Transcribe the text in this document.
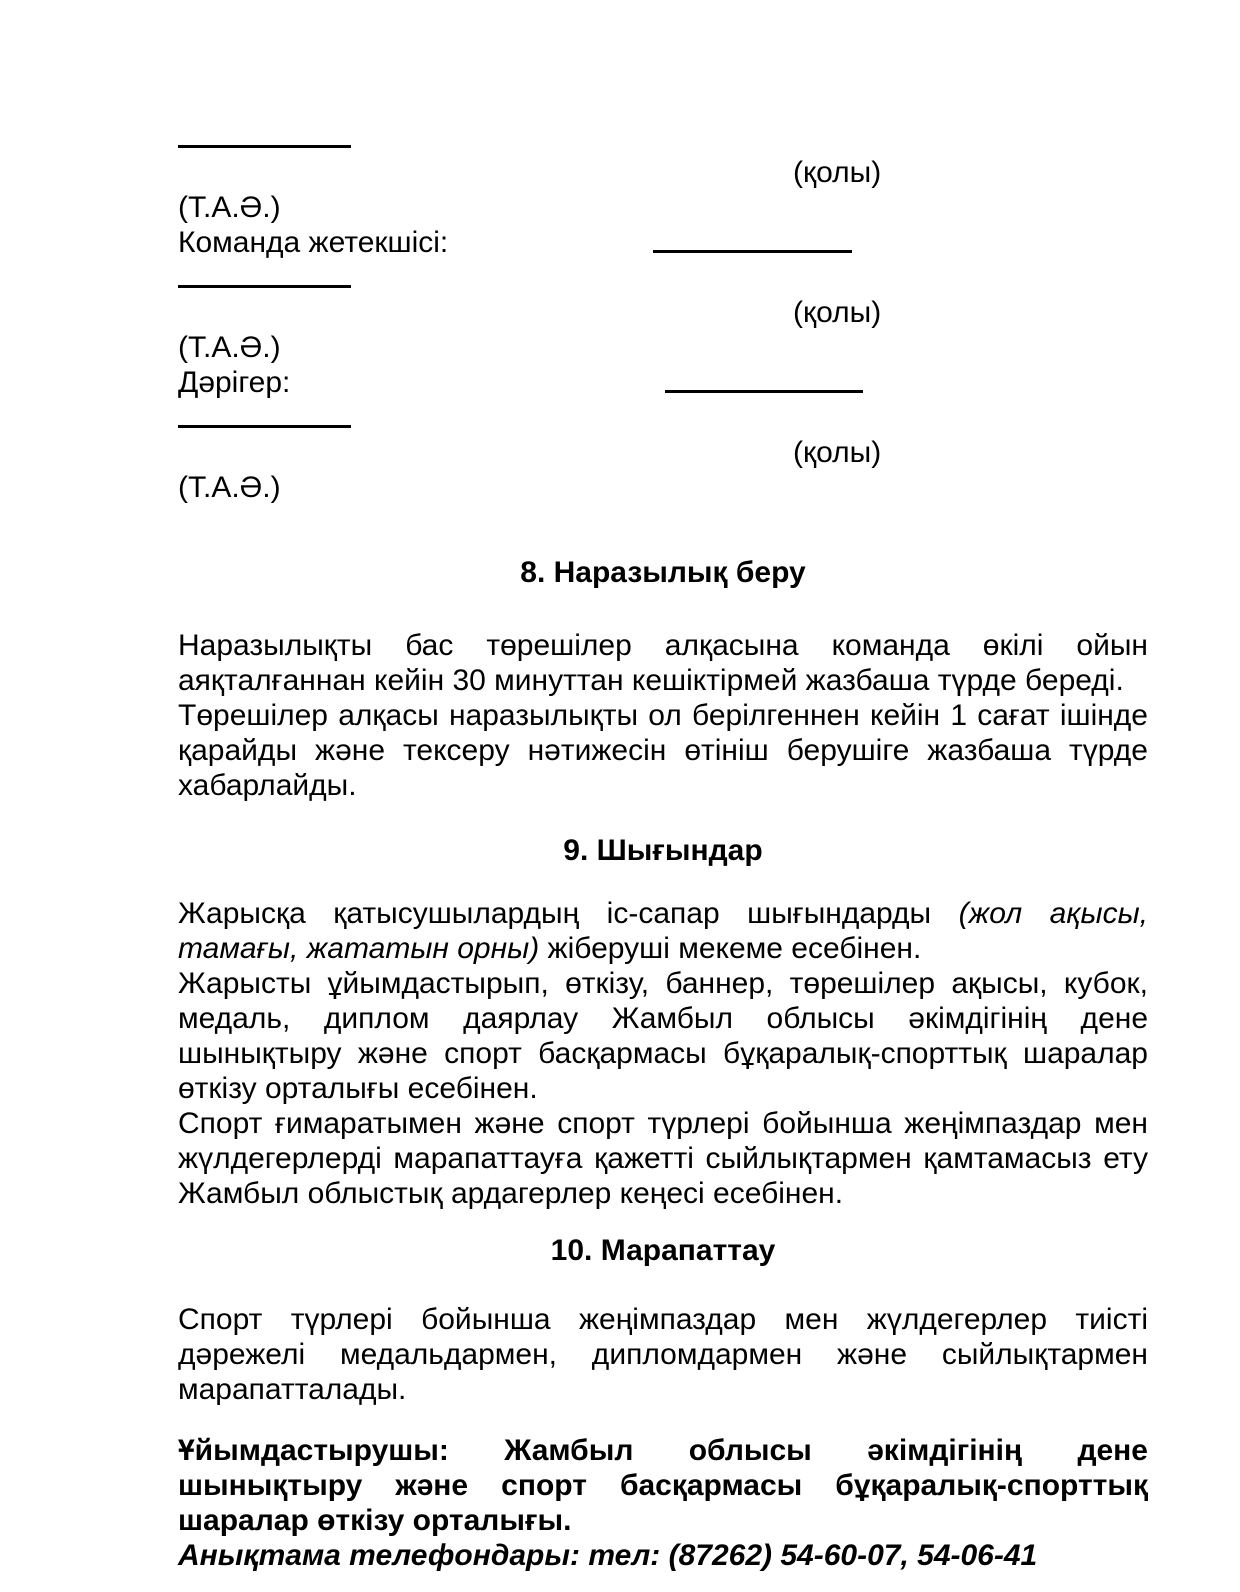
(қолы)
(Т.А.Ә.)
Команда жетекшісі:
(қолы)
(Т.А.Ә.)
Дәрігер:
(қолы)
(Т.А.Ә.)
8. Наразылық беру

Наразылықты бас төрешілер алқасына команда өкілі ойын аяқталғаннан кейін 30 минуттан кешіктірмей жазбаша түрде береді.

Төрешілер алқасы наразылықты ол берілгеннен кейін 1 сағат ішінде қарайды және тексеру нәтижесін өтініш берушіге жазбаша түрде хабарлайды.

9. Шығындар

Жарысқа қатысушылардың іс-сапар шығындарды (жол ақысы, тамағы, жататын орны) жіберуші мекеме есебінен.

Жарысты ұйымдастырып, өткізу, баннер, төрешілер ақысы, кубок, медаль, диплом даярлау Жамбыл облысы әкімдігінің дене шынықтыру және спорт басқармасы бұқаралық-спорттық шаралар өткізу орталығы есебінен.

Спорт ғимаратымен және спорт түрлері бойынша жеңімпаздар мен жүлдегерлерді марапаттауға қажетті сыйлықтармен қамтамасыз ету Жамбыл облыстық ардагерлер кеңесі есебінен.

10. Марапаттау

Спорт түрлері бойынша жеңімпаздар мен жүлдегерлер тиісті дәрежелі медальдармен, дипломдармен және сыйлықтармен марапатталады.

Ұйымдастырушы: Жамбыл облысы әкімдігінің дене шынықтыру және спорт басқармасы бұқаралық-спорттық шаралар өткізу орталығы.

Анықтама телефондары: тел: (87262) 54-60-07, 54-06-41
